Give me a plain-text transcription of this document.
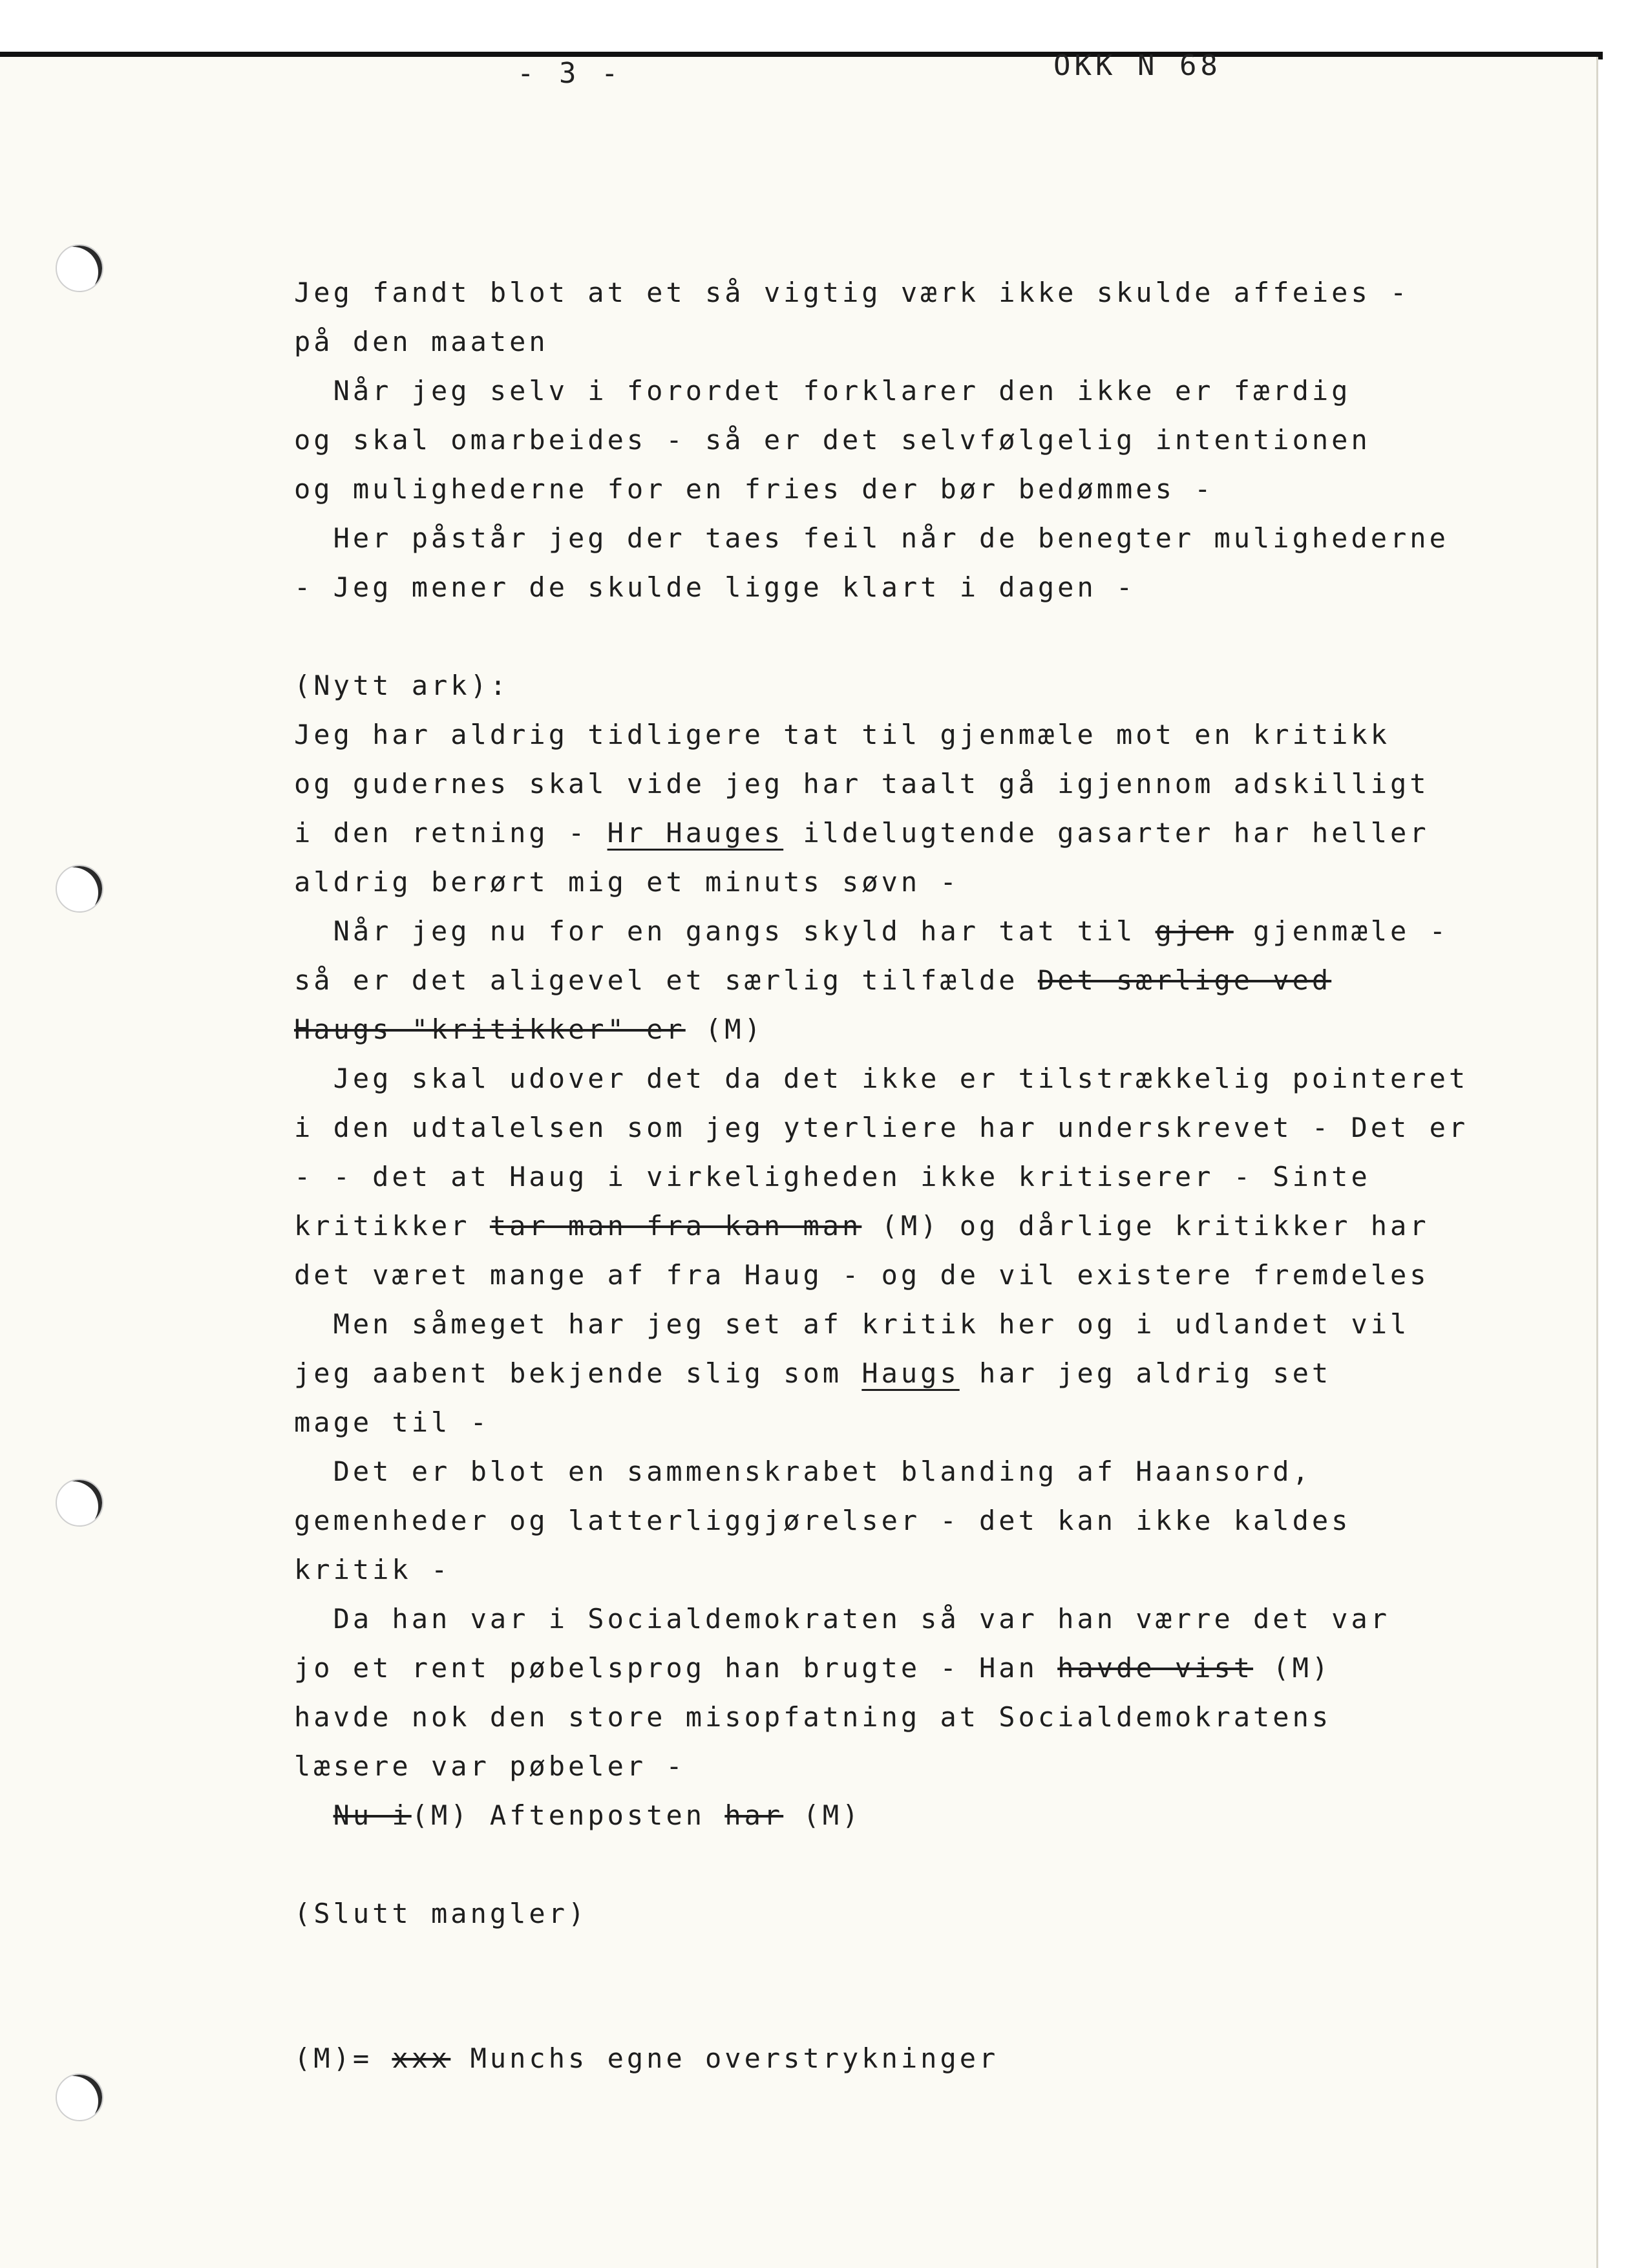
- 3 -	OKK N 68
Jeg fandt blot at et så vigtig værk ikke skulde affeies -
på den maaten
Når jeg selv i forordet forklarer den ikke er færdig
og skal omarbeides - så er det selvfølgelig intentionen
og mulighederne for en fries der bør bedømmes -
Her påstår jeg der taes feil når de benegter mulighederne
- Jeg mener de skulde ligge klart i dagen -
(Nytt ark):
Jeg har aldrig tidligere tat til gjenmæle mot en kritikk
og gudernes skal vide jeg har taalt gå igjennom adskilligt
i den retning - Hr Hauges ildelugtende gasarter har heller
aldrig berørt mig et minuts søvn -
Når jeg nu for en gangs skyld har tat til gjen gjenmæle -
så er det aligevel et særlig tilfælde Det særlige ved
Haugs "kritikker" er (M)
Jeg skal udover det da det ikke er tilstrækkelig pointeret
i den udtalelsen som jeg yterliere har underskrevet - Det er
- - det at Haug i virkeligheden ikke kritiserer - Sinte
kritikker tar man fra kan man (M) og dårlige kritikker har
det været mange af fra Haug - og de vil existere fremdeles
Men såmeget har jeg set af kritik her og i udlandet vil
jeg aabent bekjende slig som Haugs har jeg aldrig set
mage til -
Det er blot en sammenskrabet blanding af Haansord,
gemenheder og latterliggjørelser - det kan ikke kaldes
kritik -
Da han var i Socialdemokraten så var han værre det var
jo et rent pøbelsprog han brugte - Han havde vist (M)
havde nok den store misopfatning at Socialdemokratens
læsere var pøbeler -
Nu i(M) Aftenposten har (M)
(Slutt mangler)
(M)= xxx Munchs egne overstrykninger
